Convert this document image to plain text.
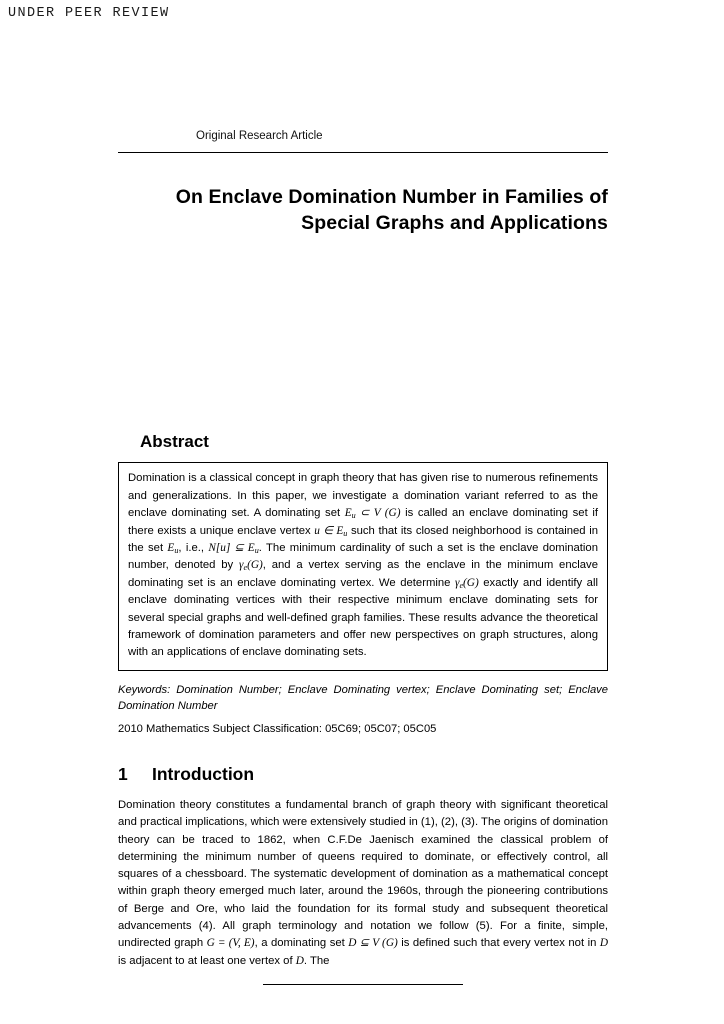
UNDER PEER REVIEW
Original Research Article
On Enclave Domination Number in Families of Special Graphs and Applications
Abstract

Domination is a classical concept in graph theory that has given rise to numerous refinements and generalizations. In this paper, we investigate a domination variant referred to as the enclave dominating set. A dominating set $E_u$ ⊂ V (G) is called an enclave dominating set if there exists a unique enclave vertex u ∈ $E_u$ such that its closed neighborhood is contained in the set $E_u$, i.e., N[u] ⊆ $E_u$. The minimum cardinality of such a set is the enclave domination number, denoted by $\gamma_e(G)$, and a vertex serving as the enclave in the minimum enclave dominating set is an enclave dominating vertex. We determine $\gamma_e(G)$ exactly and identify all enclave dominating vertices with their respective minimum enclave dominating sets for several special graphs and well-defined graph families. These results advance the theoretical framework of domination parameters and offer new perspectives on graph structures, along with an applications of enclave dominating sets.

Keywords: Domination Number; Enclave Dominating vertex; Enclave Dominating set; Enclave Domination Number
2010 Mathematics Subject Classification: 05C69; 05C07; 05C05
1 Introduction
Domination theory constitutes a fundamental branch of graph theory with significant theoretical and practical implications, which were extensively studied in (1), (2), (3). The origins of domination theory can be traced to 1862, when C.F.De Jaenisch examined the classical problem of determining the minimum number of queens required to dominate, or effectively control, all squares of a chessboard. The systematic development of domination as a mathematical concept within graph theory emerged much later, around the 1960s, through the pioneering contributions of Berge and Ore, who laid the foundation for its formal study and subsequent theoretical advancements (4). All graph terminology and notation we follow (5). For a finite, simple, undirected graph G = (V, E), a dominating set D ⊆ V (G) is defined such that every vertex not in D is adjacent to at least one vertex of D. The
